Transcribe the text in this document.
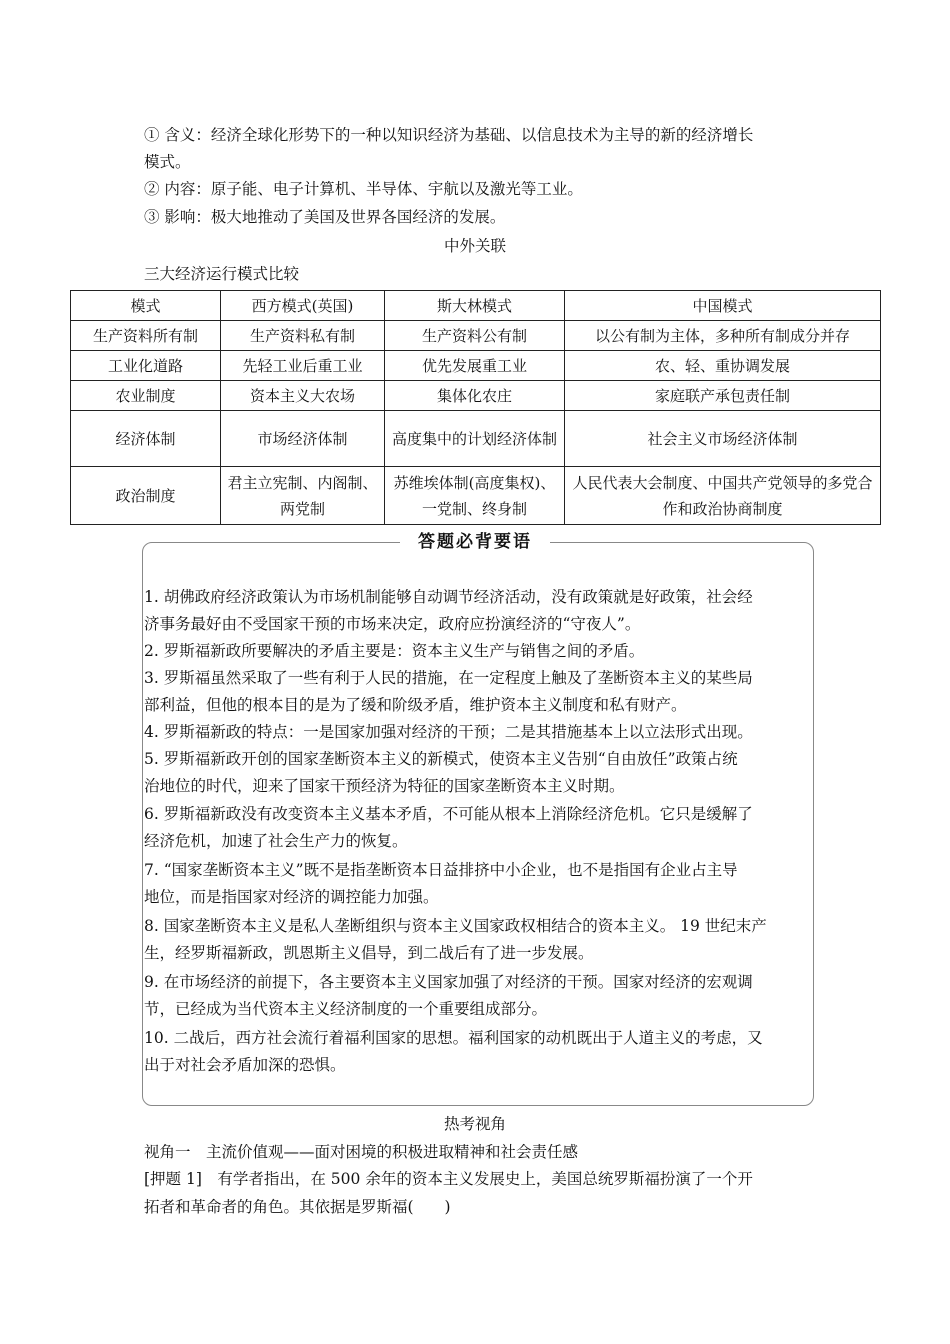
① 含义：经济全球化形势下的一种以知识经济为基础、以信息技术为主导的新的经济增长
模式。
② 内容：原子能、电子计算机、半导体、宇航以及激光等工业。
③ 影响：极大地推动了美国及世界各国经济的发展。
中外关联
三大经济运行模式比较
模式	西方模式(英国)	斯大林模式	中国模式
生产资料所有制	生产资料私有制	生产资料公有制	以公有制为主体，多种所有制成分并存
工业化道路	先轻工业后重工业	优先发展重工业	农、轻、重协调发展
农业制度	资本主义大农场	集体化农庄	家庭联产承包责任制
经济体制	市场经济体制	高度集中的计划经济体制	社会主义市场经济体制
政治制度	君主立宪制、内阁制、两党制	苏维埃体制(高度集权)、一党制、终身制	人民代表大会制度、中国共产党领导的多党合作和政治协商制度
答题必背要语
1. 胡佛政府经济政策认为市场机制能够自动调节经济活动，没有政策就是好政策，社会经
济事务最好由不受国家干预的市场来决定，政府应扮演经济的“守夜人”。
2. 罗斯福新政所要解决的矛盾主要是：资本主义生产与销售之间的矛盾。
3. 罗斯福虽然采取了一些有利于人民的措施，在一定程度上触及了垄断资本主义的某些局
部利益，但他的根本目的是为了缓和阶级矛盾，维护资本主义制度和私有财产。
4. 罗斯福新政的特点：一是国家加强对经济的干预；二是其措施基本上以立法形式出现。
5. 罗斯福新政开创的国家垄断资本主义的新模式，使资本主义告别“自由放任”政策占统
治地位的时代，迎来了国家干预经济为特征的国家垄断资本主义时期。
6. 罗斯福新政没有改变资本主义基本矛盾，不可能从根本上消除经济危机。它只是缓解了
经济危机，加速了社会生产力的恢复。
7. “国家垄断资本主义”既不是指垄断资本日益排挤中小企业，也不是指国有企业占主导
地位，而是指国家对经济的调控能力加强。
8. 国家垄断资本主义是私人垄断组织与资本主义国家政权相结合的资本主义。 19 世纪末产
生，经罗斯福新政，凯恩斯主义倡导，到二战后有了进一步发展。
9. 在市场经济的前提下，各主要资本主义国家加强了对经济的干预。国家对经济的宏观调
节，已经成为当代资本主义经济制度的一个重要组成部分。
10. 二战后，西方社会流行着福利国家的思想。福利国家的动机既出于人道主义的考虑，又
出于对社会矛盾加深的恐惧。
热考视角
视角一　主流价值观——面对困境的积极进取精神和社会责任感
[押题 1]　有学者指出，在 500 余年的资本主义发展史上，美国总统罗斯福扮演了一个开
拓者和革命者的角色。其依据是罗斯福(　　)
